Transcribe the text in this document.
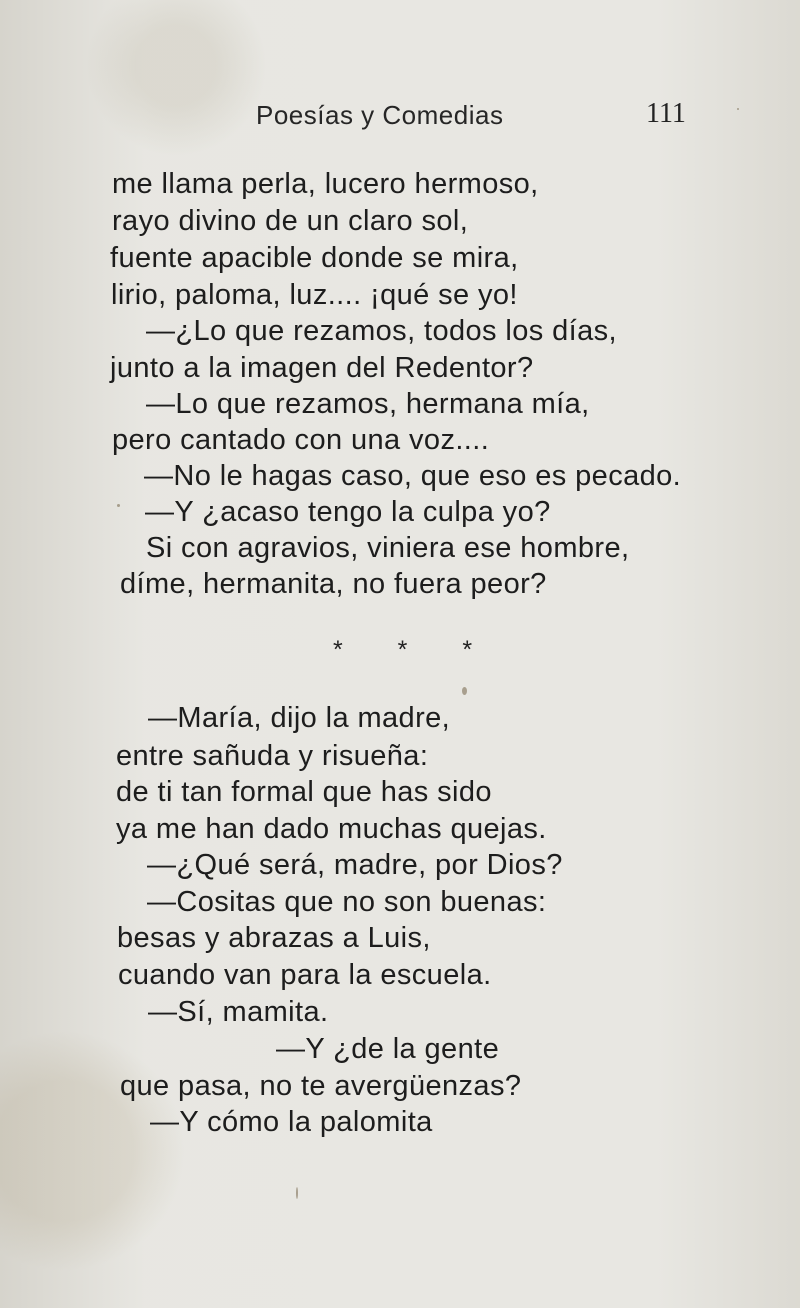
Poesías y Comedias	111
me llama perla, lucero hermoso,
rayo divino de un claro sol,
fuente apacible donde se mira,
lirio, paloma, luz.... ¡qué se yo!
—¿Lo que rezamos, todos los días,
junto a la imagen del Redentor?
—Lo que rezamos, hermana mía,
pero cantado con una voz....
—No le hagas caso, que eso es pecado.
—Y ¿acaso tengo la culpa yo?
Si con agravios, viniera ese hombre,
díme, hermanita, no fuera peor?
* * *
—María, dijo la madre,
entre sañuda y risueña:
de ti tan formal que has sido
ya me han dado muchas quejas.
—¿Qué será, madre, por Dios?
—Cositas que no son buenas:
besas y abrazas a Luis,
cuando van para la escuela.
—Sí, mamita.
—Y ¿de la gente
que pasa, no te avergüenzas?
—Y cómo la palomita
